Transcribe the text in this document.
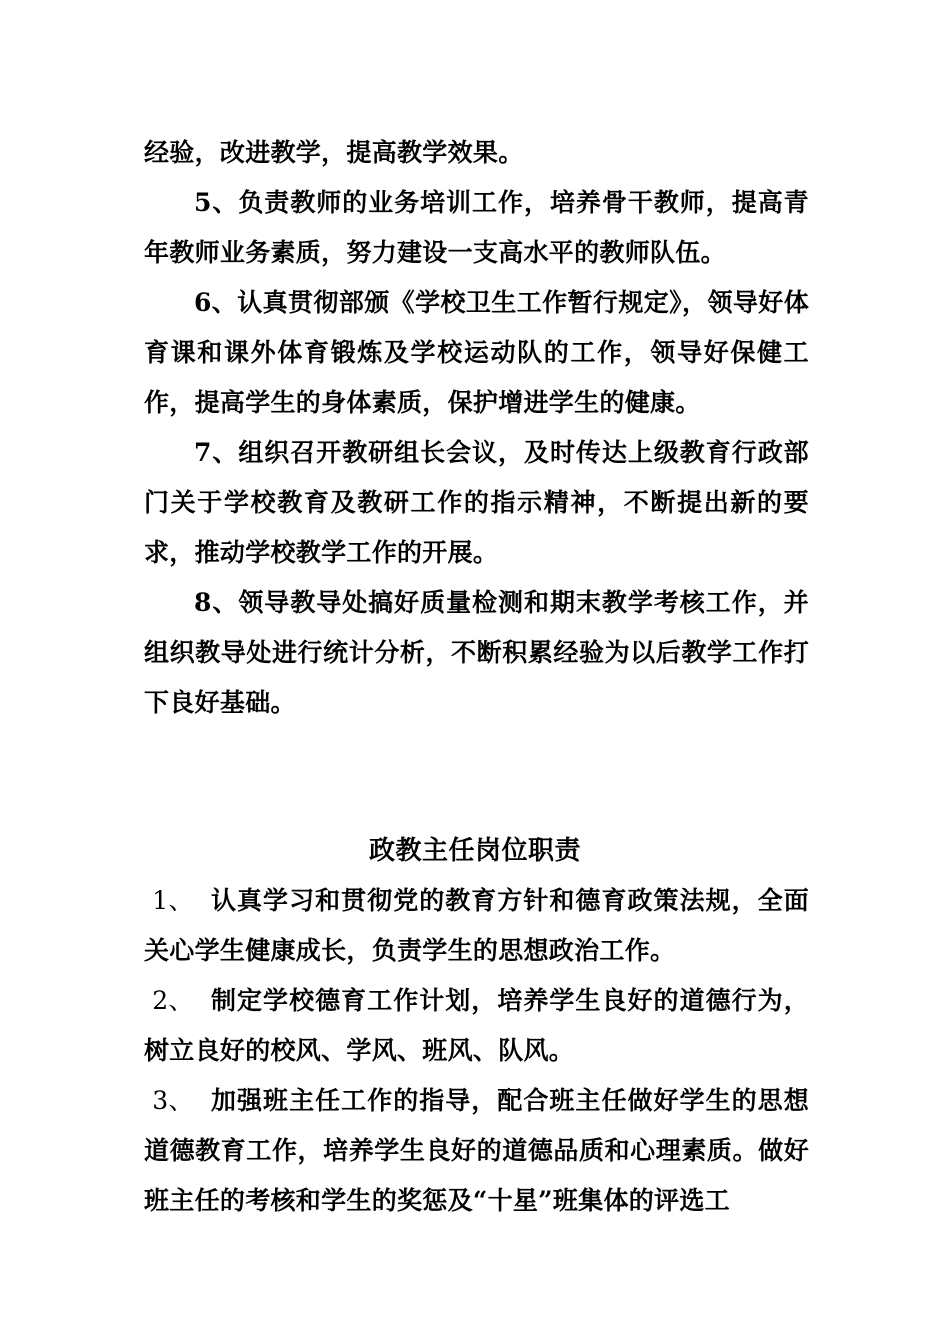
经验，改进教学，提高教学效果。

5、负责教师的业务培训工作，培养骨干教师，提高青年教师业务素质，努力建设一支高水平的教师队伍。

6、认真贯彻部颁《学校卫生工作暂行规定》，领导好体育课和课外体育锻炼及学校运动队的工作，领导好保健工作，提高学生的身体素质，保护增进学生的健康。

7、组织召开教研组长会议，及时传达上级教育行政部门关于学校教育及教研工作的指示精神，不断提出新的要求，推动学校教学工作的开展。

8、领导教导处搞好质量检测和期末教学考核工作，并组织教导处进行统计分析，不断积累经验为以后教学工作打下良好基础。

政教主任岗位职责

1、  认真学习和贯彻党的教育方针和德育政策法规，全面关心学生健康成长，负责学生的思想政治工作。

2、  制定学校德育工作计划，培养学生良好的道德行为，树立良好的校风、学风、班风、队风。

3、  加强班主任工作的指导，配合班主任做好学生的思想道德教育工作，培养学生良好的道德品质和心理素质。做好班主任的考核和学生的奖惩及“十星”班集体的评选工
